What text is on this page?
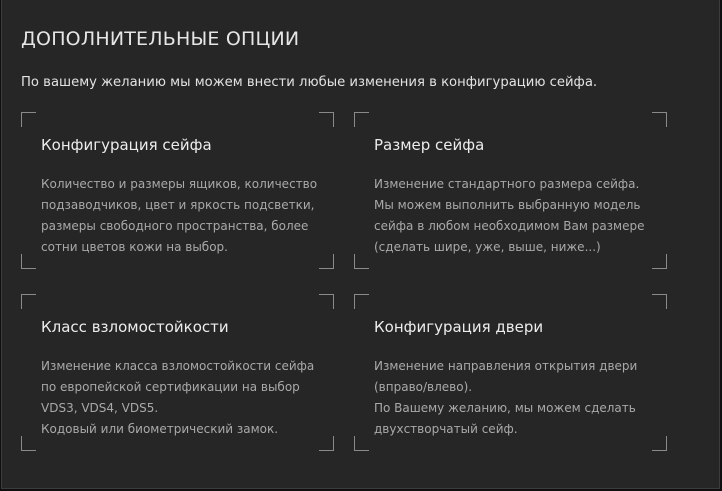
ДОПОЛНИТЕЛЬНЫЕ ОПЦИИ
По вашему желанию мы можем внести любые изменения в конфигурацию сейфа.
Конфигурация сейфа
Количество и размеры ящиков, количество
подзаводчиков, цвет и яркость подсветки,
размеры свободного пространства, более
сотни цветов кожи на выбор.
Размер сейфа
Изменение стандартного размера сейфа.
Мы можем выполнить выбранную модель
сейфа в любом необходимом Вам размере
(сделать шире, уже, выше, ниже...)
Класс взломостойкости
Изменение класса взломостойкости сейфа
по европейской сертификации на выбор
VDS3, VDS4, VDS5.
Кодовый или биометрический замок.
Конфигурация двери
Изменение направления открытия двери
(вправо/влево).
По Вашему желанию, мы можем сделать
двухстворчатый сейф.
